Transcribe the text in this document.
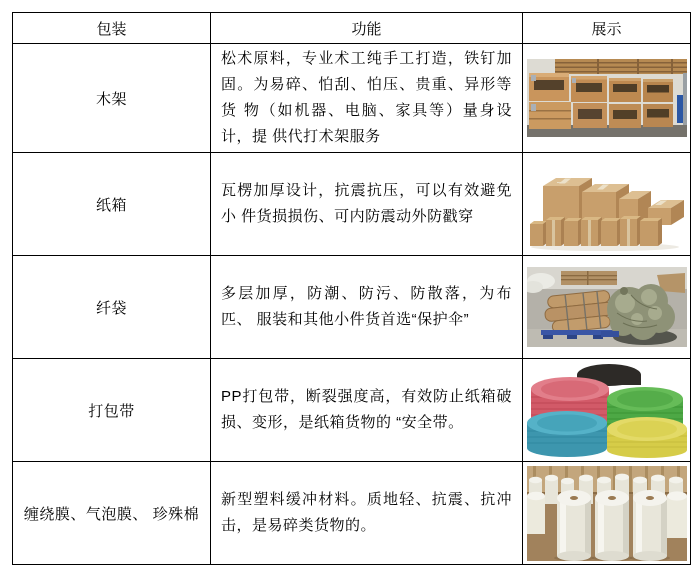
包装	功能	展示
木架	松术原料，专业术工纯手工打造，铁钉加 固。为易碎、怕刮、怕压、贵重、异形等货 物（如机器、电脑、家具等）量身设计，提 供代打术架服务

纸箱	瓦楞加厚设计，抗震抗压，可以有效避免小 件货损损伤、可内防震动外防戳穿

纤袋	多层加厚，防潮、防污、防散落，为布匹、 服装和其他小件货首选“保护伞”

打包带	PP打包带，断裂强度高，有效防止纸箱破 损、变形，是纸箱货物的 “安全带。

缠绕膜、气泡膜、 珍殊棉	新型塑料缓冲材料。质地轻、抗震、抗冲 击，是易碎类货物的。
